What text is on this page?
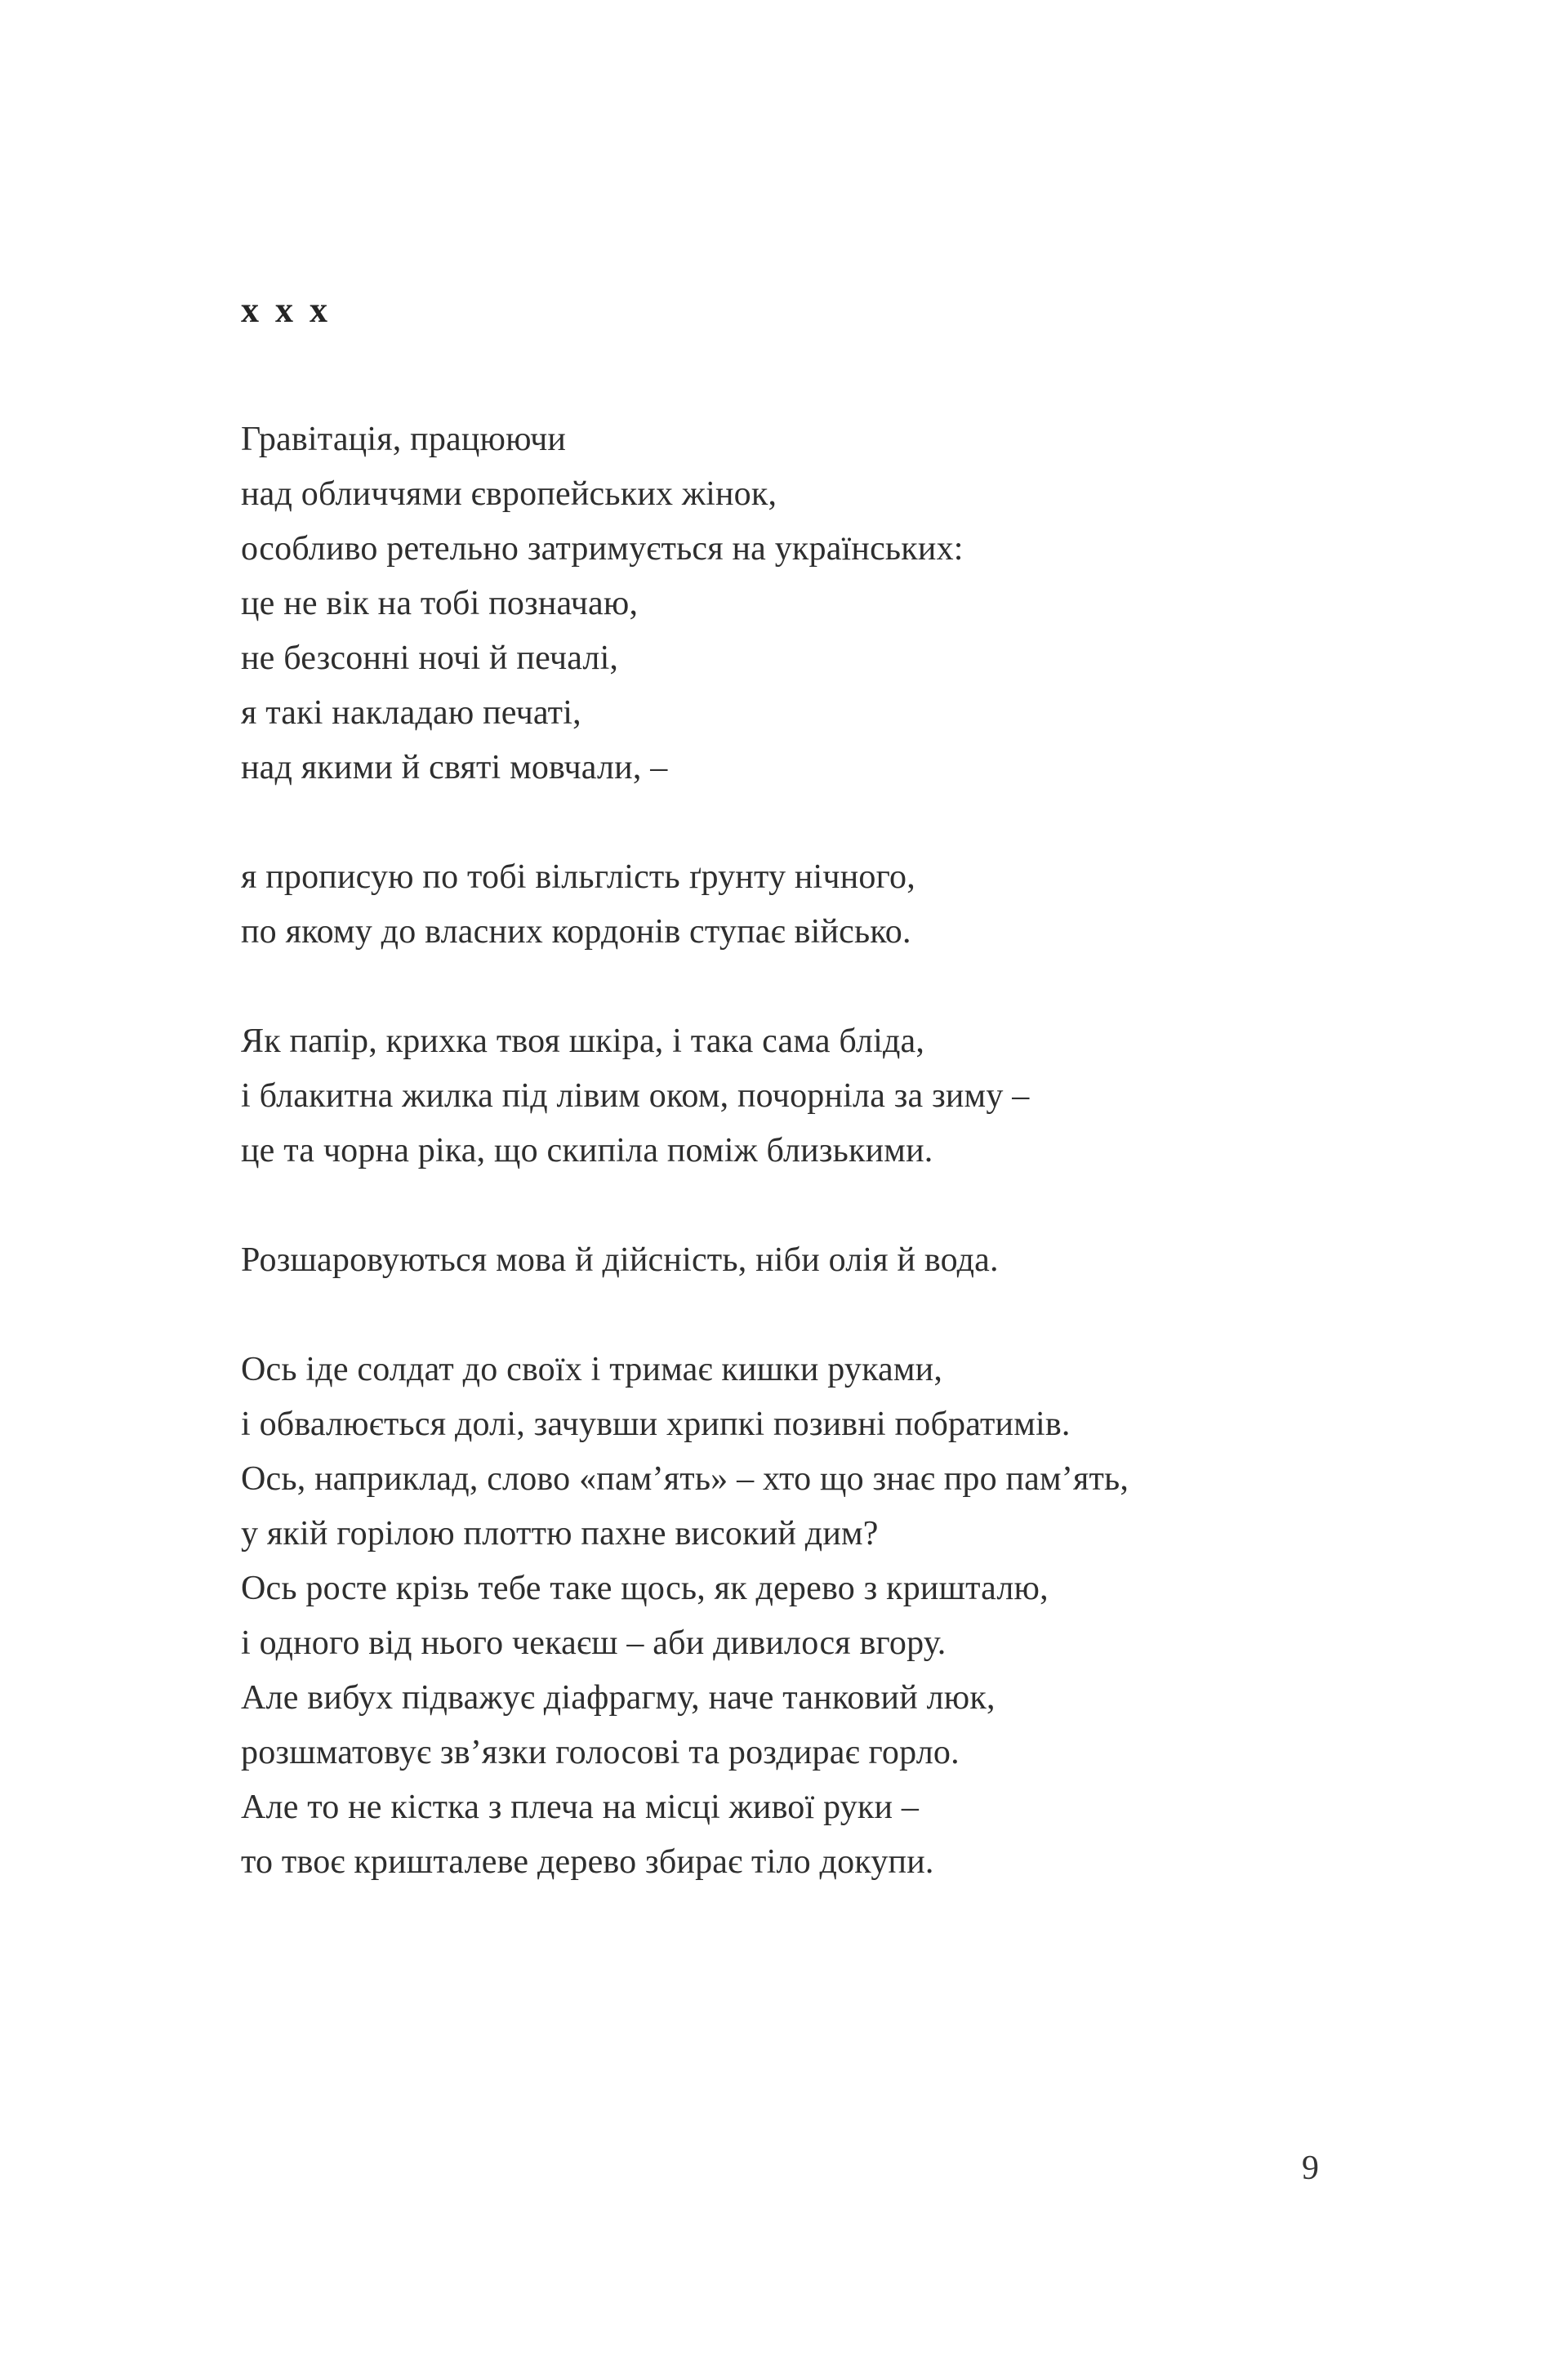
x x x

Гравітація, працюючи

над обличчями європейських жінок,

особливо ретельно затримується на українських:

це не вік на тобі позначаю,

не безсонні ночі й печалі,

я такі накладаю печаті,

над якими й святі мовчали, –

я прописую по тобі вільглість ґрунту нічного,

по якому до власних кордонів ступає військо.

Як папір, крихка твоя шкіра, і така сама бліда,

і блакитна жилка під лівим оком, почорніла за зиму –

це та чорна ріка, що скипіла поміж близькими.

Розшаровуються мова й дійсність, ніби олія й вода.

Ось іде солдат до своїх і тримає кишки руками,

і обвалюється долі, зачувши хрипкі позивні побратимів.

Ось, наприклад, слово «пам’ять» – хто що знає про пам’ять,

у якій горілою плоттю пахне високий дим?

Ось росте крізь тебе таке щось, як дерево з кришталю,

і одного від нього чекаєш – аби дивилося вгору.

Але вибух підважує діафрагму, наче танковий люк,

розшматовує зв’язки голосові та роздирає горло.

Але то не кістка з плеча на місці живої руки –

то твоє кришталеве дерево збирає тіло докупи.

9
